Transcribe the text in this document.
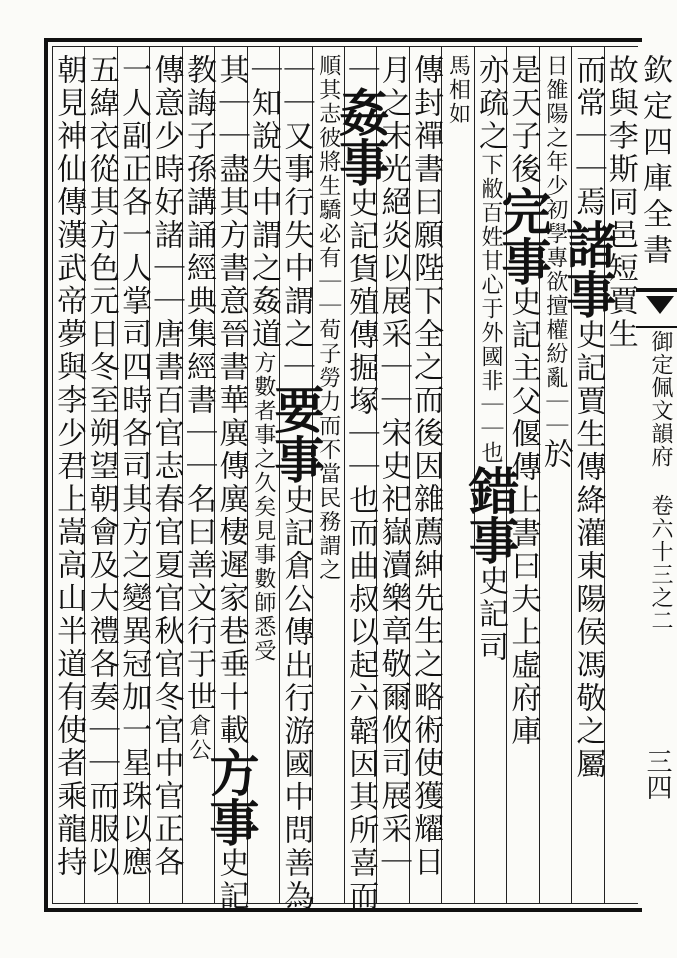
故與李斯同邑短賈生
而常｜｜焉諸事史記賈生傳絳灌東陽侯馮敬之屬
日雒陽之年少初學專欲擅權紛亂｜｜於
是天子後完事史記主父偃傳上書曰夫上虛府庫
亦疏之下敝百姓甘心于外國非｜｜也錯事史記司
馬相如
傳封禪書曰願陛下全之而後因雜薦紳先生之略術使獲耀日
月之末光絕炎以展采｜｜宋史祀嶽瀆樂章敬爾攸司展采｜
｜姦事史記貨殖傳掘塚｜｜也而曲叔以起六韜因其所喜而
順其志彼將生驕必有｜｜荀子勞力而不當民務謂之
｜｜又事行失中謂之｜要事史記倉公傳出行游國中問善為
｜知說失中謂之姦道方數者事之久矣見事數師悉受
其｜｜盡其方書意晉書華廙傳廙棲遲家巷垂十載方事史記
教誨子孫講誦經典集經書｜｜名曰善文行于世倉公
傳意少時好諸｜｜唐書百官志春官夏官秋官冬官中官正各
一人副正各一人掌司四時各司其方之變異冠加一星珠以應
五緯衣從其方色元日冬至朔望朝會及大禮各奏｜｜而服以
朝見神仙傳漢武帝夢與李少君上嵩高山半道有使者乘龍持	欽定四庫全書
御定佩文韻府 卷六十三之二
三四
